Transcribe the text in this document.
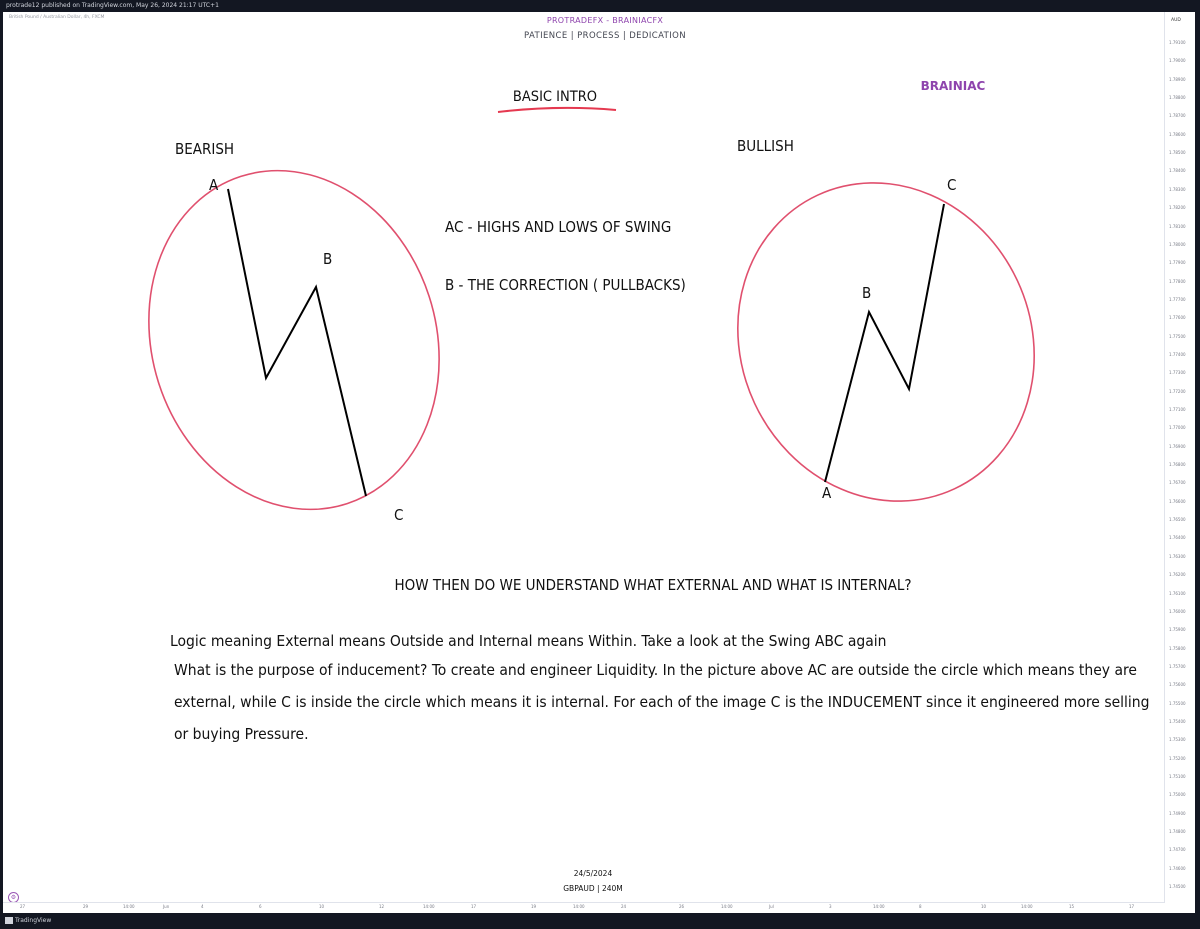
protrade12 published on TradingView.com, May 26, 2024 21:17 UTC+1
British Pound / Australian Dollar, 4h, FXCM	PROTRADEFX - BRAINIACFX
PATIENCE | PROCESS | DEDICATION
BASIC INTRO
BRAINIAC
BEARISH
A
B
C
BULLISH
C
B
A
AC - HIGHS AND LOWS OF SWING
B - THE CORRECTION ( PULLBACKS)
HOW THEN DO WE UNDERSTAND WHAT EXTERNAL AND WHAT IS INTERNAL?
Logic meaning External means Outside and Internal means Within. Take a look at the Swing ABC again
What is the purpose of inducement? To create and engineer Liquidity. In the picture above AC are outside the circle which means they are external, while C is inside the circle which means it is internal. For each of the image C is the INDUCEMENT since it engineered more selling or buying Pressure.
24/5/2024
GBPAUD | 240M
⚙
AUD
1.79100
1.79000
1.78900
1.78800
1.78700
1.78600
1.78500
1.78400
1.78300
1.78200
1.78100
1.78000
1.77900
1.77800
1.77700
1.77600
1.77500
1.77400
1.77300
1.77200
1.77100
1.77000
1.76900
1.76800
1.76700
1.76600
1.76500
1.76400
1.76300
1.76200
1.76100
1.76000
1.75900
1.75800
1.75700
1.75600
1.75500
1.75400
1.75300
1.75200
1.75100
1.75000
1.74900
1.74800
1.74700
1.74600
1.74500
27	29	14:00	Jun	4	6	10	12	14:00	17	19	14:00	24	26	14:00	Jul	3	14:00	8	10	14:00	15	17
TradingView
